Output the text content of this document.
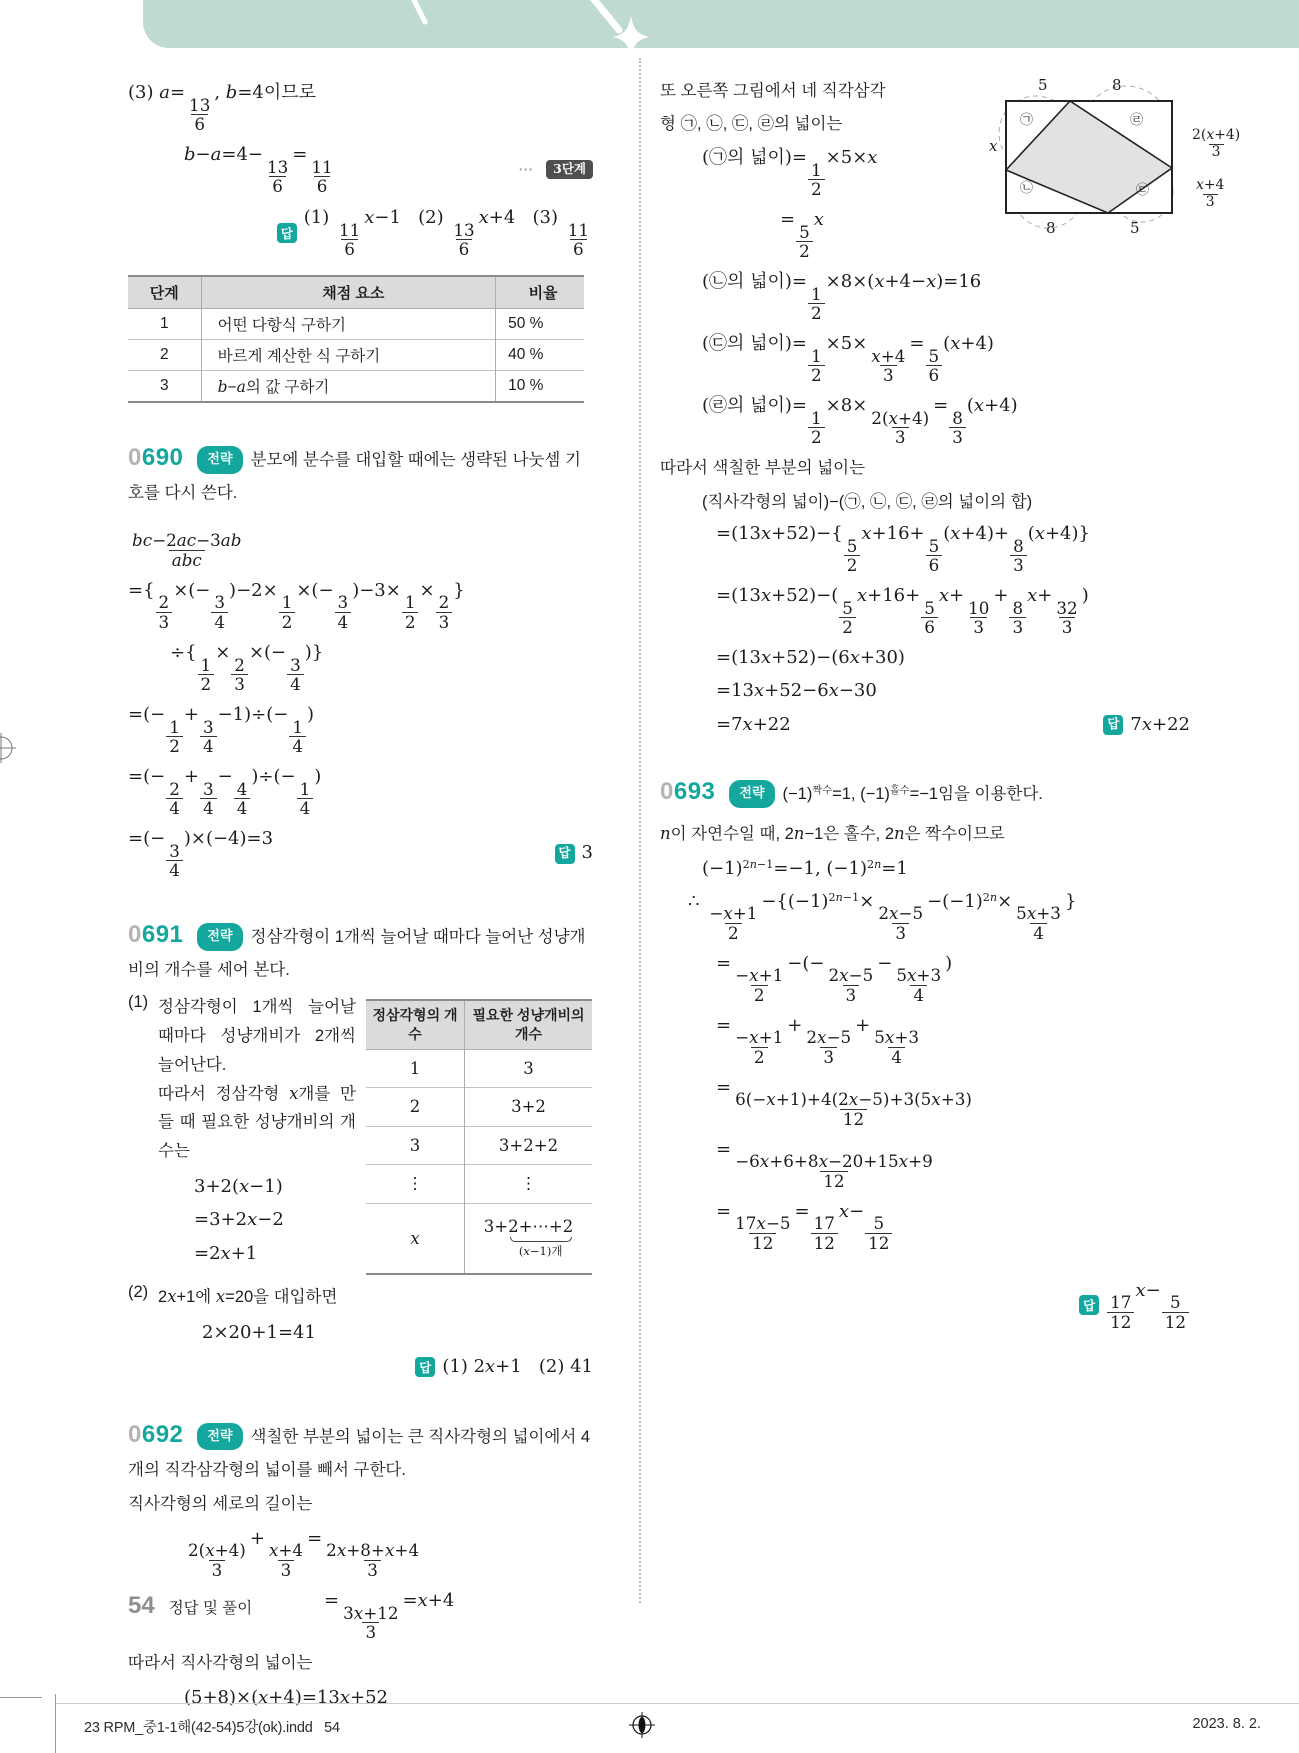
(3) a=
$\frac{13}{6}$
, b=4이므로
b−a=4−
$\frac{13}{6}$
=
$\frac{11}{6}$	⋯	3단계
답
(1)
$\frac{11}{6}$
x−1   (2)
$\frac{13}{6}$
x+4   (3)
$\frac{11}{6}$
단계	채점 요소	비율
1	어떤 다항식 구하기	50 %
2	바르게 계산한 식 구하기	40 %
3	b−a의 값 구하기	10 %

0690 전략 분모에 분수를 대입할 때에는 생략된 나눗셈 기호를 다시 쓴다.

bc−2ac−3ab
abc
={
$\frac{2}{3}$
×(−
$\frac{3}{4}$
)−2×
$\frac{1}{2}$
×(−
$\frac{3}{4}$
)−3×
$\frac{1}{2}$
×
$\frac{2}{3}$
}
÷{
$\frac{1}{2}$
×
$\frac{2}{3}$
×(−
$\frac{3}{4}$
)}
=(−
$\frac{1}{2}$
+
$\frac{3}{4}$
−1)÷(−
$\frac{1}{4}$
)
=(−
$\frac{2}{4}$
+
$\frac{3}{4}$
−
$\frac{4}{4}$
)÷(−
$\frac{1}{4}$
)
=(−
$\frac{3}{4}$
)×(−4)=3
답 3

0691 전략 정삼각형이 1개씩 늘어날 때마다 늘어난 성냥개비의 개수를 세어 본다.

(1) 정삼각형이 1개씩 늘어날 때마다 성냥개비가 2개씩 늘어난다.
따라서 정삼각형 x개를 만들 때 필요한 성냥개비의 개수는
3+2(x−1)
=3+2x−2
=2x+1
정삼각형의 개수	필요한 성냥개비의 개수
1	3
2	3+2
3	3+2+2
⋮	⋮
x	3+ 2+⋯+2
(x−1)개
(2) 2x+1에 x=20을 대입하면
2×20+1=41
답 (1) 2x+1   (2) 41

0692 전략 색칠한 부분의 넓이는 큰 직사각형의 넓이에서 4개의 직각삼각형의 넓이를 빼서 구한다.

직사각형의 세로의 길이는
$\frac{2(x+4)}{3}$
+
$\frac{x+4}{3}$
=
$\frac{2x+8+x+4}{3}$
=
$\frac{3x+12}{3}$
=x+4
따라서 직사각형의 넓이는
(5+8)×(x+4)=13x+52
54 정답 및 풀이
또 오른쪽 그림에서 네 직각삼각
형 ㉠, ㉡, ㉢, ㉣의 넓이는
5	8
x
㉠	㉣
㉡	㉢
8	5
$\frac{2(x+4)}{3}$
$\frac{x+4}{3}$
(㉠의 넓이)=
$\frac{1}{2}$
×5×x
=
$\frac{5}{2}$
x
(㉡의 넓이)=
$\frac{1}{2}$
×8×(x+4−x)=16
(㉢의 넓이)=
$\frac{1}{2}$
×5×
$\frac{x+4}{3}$
=
$\frac{5}{6}$
(x+4)
(㉣의 넓이)=
$\frac{1}{2}$
×8×
$\frac{2(x+4)}{3}$
=
$\frac{8}{3}$
(x+4)
따라서 색칠한 부분의 넓이는
(직사각형의 넓이)−(㉠, ㉡, ㉢, ㉣의 넓이의 합)
=(13x+52)−{
$\frac{5}{2}$
x+16+
$\frac{5}{6}$
(x+4)+
$\frac{8}{3}$
(x+4)}
=(13x+52)−(
$\frac{5}{2}$
x+16+
$\frac{5}{6}$
x+
$\frac{10}{3}$
+
$\frac{8}{3}$
x+
$\frac{32}{3}$
)
=(13x+52)−(6x+30)
=13x+52−6x−30
=7x+22	답 7x+22

0693 전략 $(-1)^{짝수}=1$, $(-1)^{홀수}=-1$임을 이용한다.

n이 자연수일 때, 2n−1은 홀수, 2n은 짝수이므로
$(-1)^{2n-1}=-1$, $(-1)^{2n}=1$
∴
$\frac{-x+1}{2}$
$-\{(-1)^{2n-1}\times$
$\frac{2x-5}{3}$
$-(-1)^{2n}\times$
$\frac{5x+3}{4}$
}
=
$\frac{-x+1}{2}$
−(−
$\frac{2x-5}{3}$
−
$\frac{5x+3}{4}$
)
=
$\frac{-x+1}{2}$
+
$\frac{2x-5}{3}$
+
$\frac{5x+3}{4}$
=
$\frac{6(-x+1)+4(2x-5)+3(5x+3)}{12}$
=
$\frac{-6x+6+8x-20+15x+9}{12}$
=
$\frac{17x-5}{12}$
=
$\frac{17}{12}$
x−
$\frac{5}{12}$
답 $\frac{17}{12}$
x−
$\frac{5}{12}$
23 RPM_중1-1해(42-54)5강(ok).indd   54	2023. 8. 2.
